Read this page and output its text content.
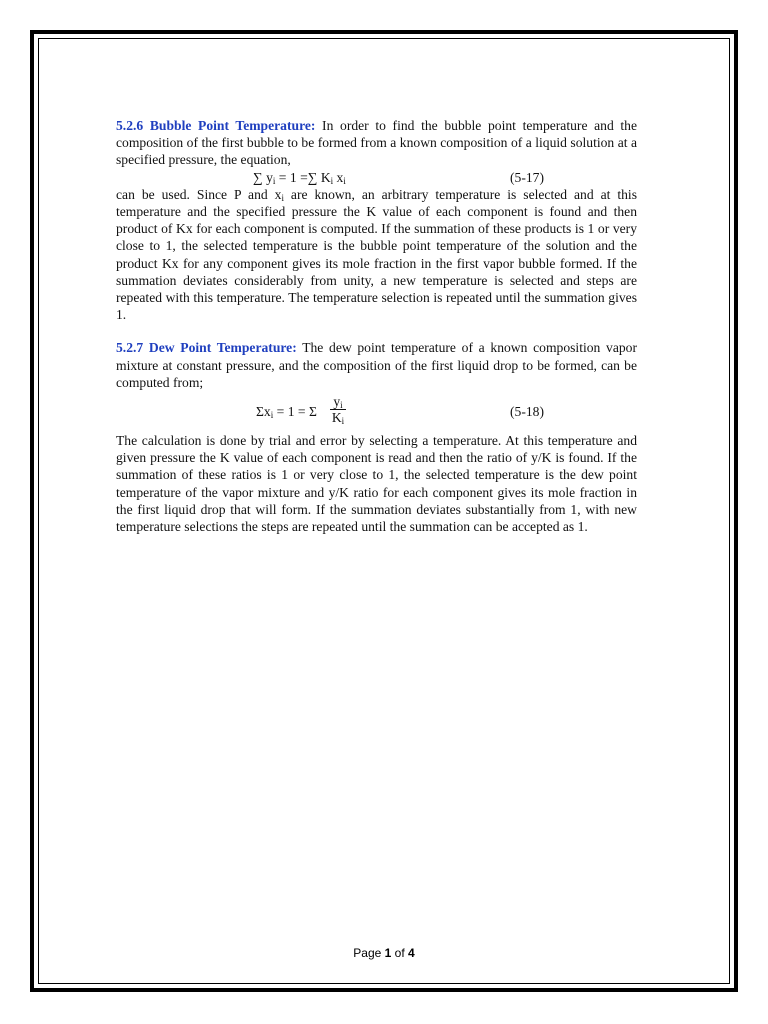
5.2.6 Bubble Point Temperature: In order to find the bubble point temperature and the composition of the first bubble to be formed from a known composition of a liquid solution at a specified pressure, the equation,

∑ $y_i = 1$ =∑ $K_i$ $x_i$	(5-17)

can be used. Since P and $x_i$ are known, an arbitrary temperature is selected and at this temperature and the specified pressure the K value of each component is found and then product of Kx for each component is computed. If the summation of these products is 1 or very close to 1, the selected temperature is the bubble point temperature of the solution and the product Kx for any component gives its mole fraction in the first vapor bubble formed. If the summation deviates considerably from unity, a new temperature is selected and steps are repeated with this temperature. The temperature selection is repeated until the summation gives 1.

5.2.7 Dew Point Temperature: The dew point temperature of a known composition vapor mixture at constant pressure, and the composition of the first liquid drop to be formed, can be computed from;

$\Sigma x_i = 1 = \Sigma \frac{y_i}{K_i}$	(5-18)

The calculation is done by trial and error by selecting a temperature. At this temperature and given pressure the K value of each component is read and then the ratio of y/K is found. If the summation of these ratios is 1 or very close to 1, the selected temperature is the dew point temperature of the vapor mixture and y/K ratio for each component gives its mole fraction in the first liquid drop that will form. If the summation deviates substantially from 1, with new temperature selections the steps are repeated until the summation can be accepted as 1.

Page 1 of 4
